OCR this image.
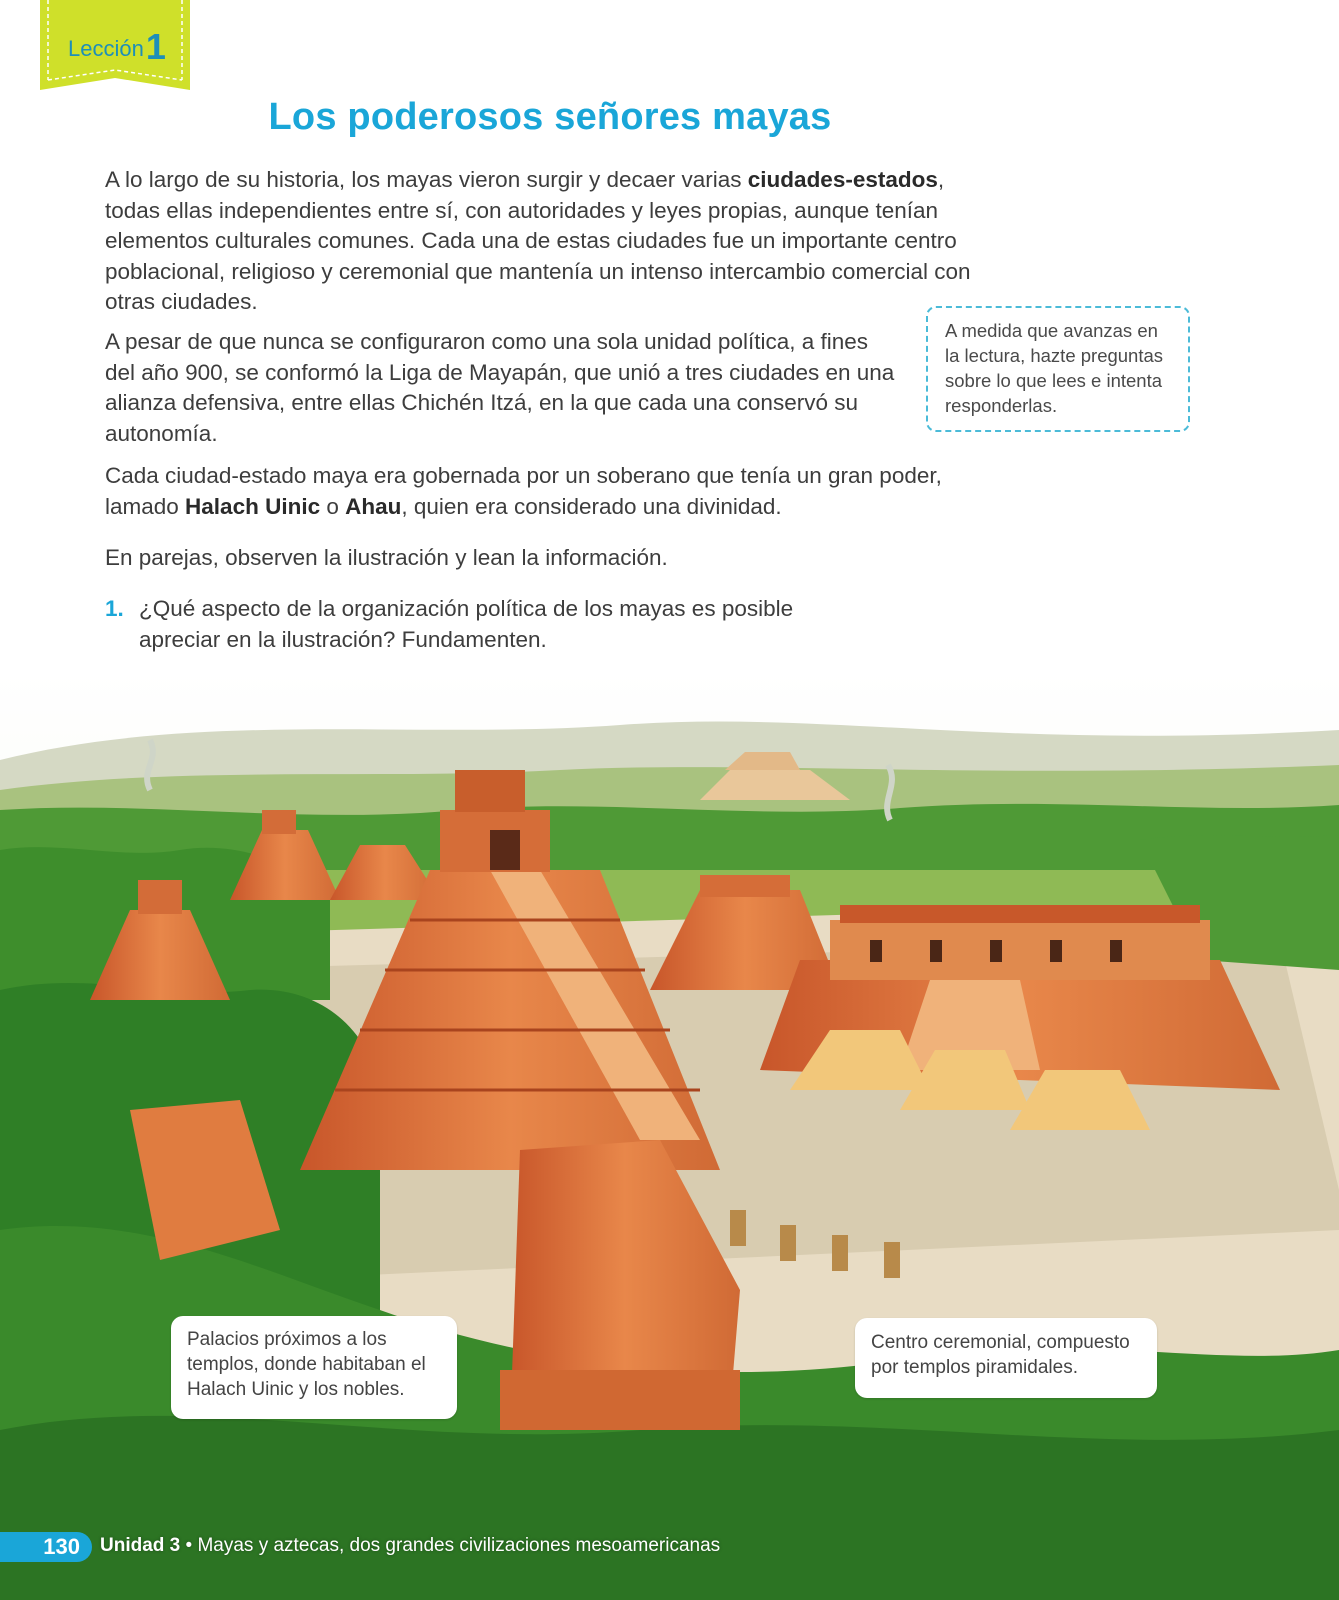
Lección1
Los poderosos señores mayas
A lo largo de su historia, los mayas vieron surgir y decaer varias ciudades-estados, todas ellas independientes entre sí, con autoridades y leyes propias, aunque tenían elementos culturales comunes. Cada una de estas ciudades fue un importante centro poblacional, religioso y ceremonial que mantenía un intenso intercambio comercial con otras ciudades.
A pesar de que nunca se configuraron como una sola unidad política, a fines del año 900, se conformó la Liga de Mayapán, que unió a tres ciudades en una alianza defensiva, entre ellas Chichén Itzá, en la que cada una conservó su autonomía.
A medida que avanzas en la lectura, hazte preguntas sobre lo que lees e intenta responderlas.
Cada ciudad-estado maya era gobernada por un soberano que tenía un gran poder, lamado Halach Uinic o Ahau, quien era considerado una divinidad.
En parejas, observen la ilustración y lean la información.
1. ¿Qué aspecto de la organización política de los mayas es posible apreciar en la ilustración? Fundamenten.
Palacios próximos a los templos, donde habitaban el Halach Uinic y los nobles.
Centro ceremonial, compuesto por templos piramidales.
130	Unidad 3 • Mayas y aztecas, dos grandes civilizaciones mesoamericanas
